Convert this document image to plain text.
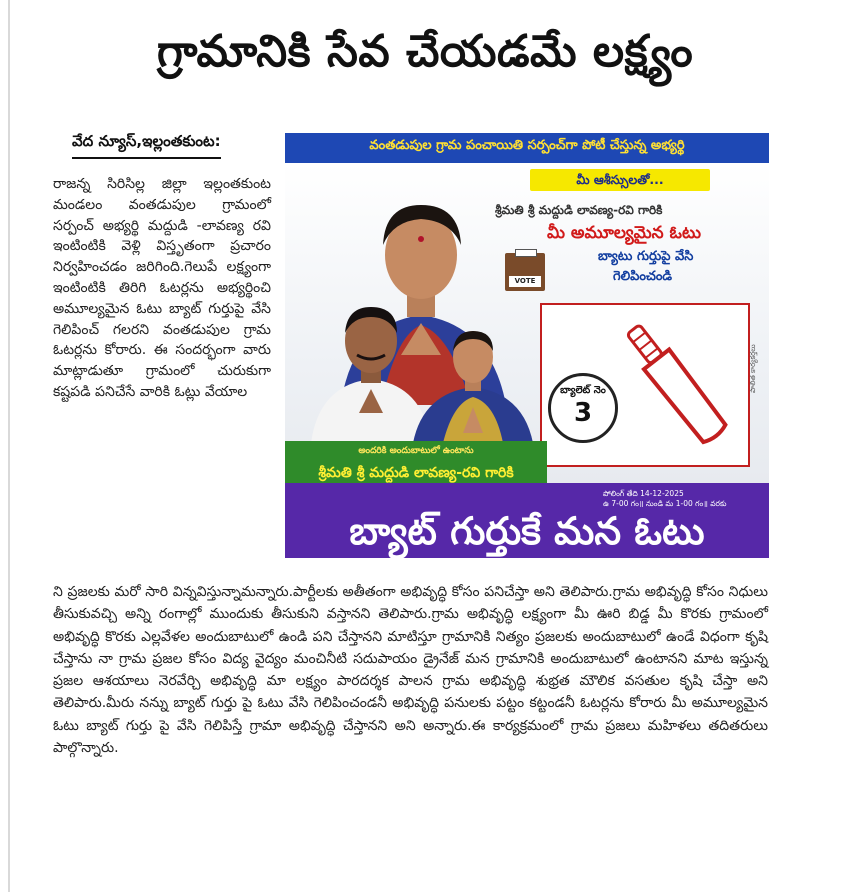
గ్రామానికి సేవ చేయడమే లక్ష్యం
వేద న్యూస్,ఇల్లంతకుంట:
రాజన్న సిరిసిల్ల జిల్లా ఇల్లంతకుంట మండలం వంతడుపుల గ్రామంలో సర్పంచ్ అభ్యర్థి మద్దుడి -లావణ్య రవి ఇంటింటికి వెళ్లి విస్తృతంగా ప్రచారం నిర్వహించడం జరిగింది.గెలుపే లక్ష్యంగా ఇంటింటికి తిరిగి ఓటర్లను అభ్యర్థించి అమూల్యమైన ఓటు బ్యాట్ గుర్తుపై వేసి గెలిపించ్ గలరని వంతడుపుల గ్రామ ఓటర్లను కోరారు. ఈ సందర్భంగా వారు మాట్లాడుతూ గ్రామంలో చురుకుగా కష్టపడి పనిచేసే వారికి ఓట్లు వేయాల
వంతడుపుల గ్రామ పంచాయితి సర్పంచ్‌గా పోటీ చేస్తున్న అభ్యర్థి
మీ ఆశీస్సులతో...
శ్రీమతి శ్రీ మద్దుడి లావణ్య-రవి గారికి
మీ అమూల్యమైన ఓటు
బ్యాటు గుర్తుపై వేసి
గెలిపించండి
VOTE
బ్యాలెట్ నెం
3
పాలిత కార్యకర్తలు
అందరికి అందుబాటులో ఉంటాను
శ్రీమతి శ్రీ మద్దుడి లావణ్య-రవి గారికి
పోలింగ్ తేది 14-12-2025
ఉ 7-00 గం॥ నుండి మ 1-00 గం॥ వరకు
బ్యాట్ గుర్తుకే మన ఓటు
ని ప్రజలకు మరో సారి విన్నవిస్తున్నామన్నారు.పార్టీలకు అతీతంగా అభివృద్ధి కోసం పనిచేస్తా అని తెలిపారు.గ్రామ అభివృద్ధి కోసం నిధులు తీసుకువచ్చి అన్ని రంగాల్లో ముందుకు తీసుకుని వస్తానని తెలిపారు.గ్రామ అభివృద్ధి లక్ష్యంగా మీ ఊరి బిడ్డ మీ కొరకు గ్రామంలో అభివృద్ధి కొరకు ఎల్లవేళల అందుబాటులో ఉండి పని చేస్తానని మాటిస్తూ గ్రామానికి నిత్యం ప్రజలకు అందుబాటులో ఉండే విధంగా కృషి చేస్తాను నా గ్రామ ప్రజల కోసం విద్య వైద్యం మంచినీటి సదుపాయం డ్రైనేజ్ మన గ్రామానికి అందుబాటులో ఉంటానని మాట ఇస్తున్న ప్రజల ఆశయాలు నెరవేర్చి అభివృద్ధి మా లక్ష్యం పారదర్శక పాలన గ్రామ అభివృద్ధి శుభ్రత మౌలిక వసతుల కృషి చేస్తా అని తెలిపారు.మీరు నన్ను బ్యాట్ గుర్తు పై ఓటు వేసి గెలిపించండనీ అభివృద్ధి పనులకు పట్టం కట్టండనీ ఓటర్లను కోరారు మీ అమూల్యమైన ఓటు బ్యాట్ గుర్తు పై వేసి గెలిపిస్తే గ్రామా అభివృద్ధి చేస్తానని అని అన్నారు.ఈ కార్యక్రమంలో గ్రామ ప్రజలు మహిళలు తదితరులు పాల్గొన్నారు.
